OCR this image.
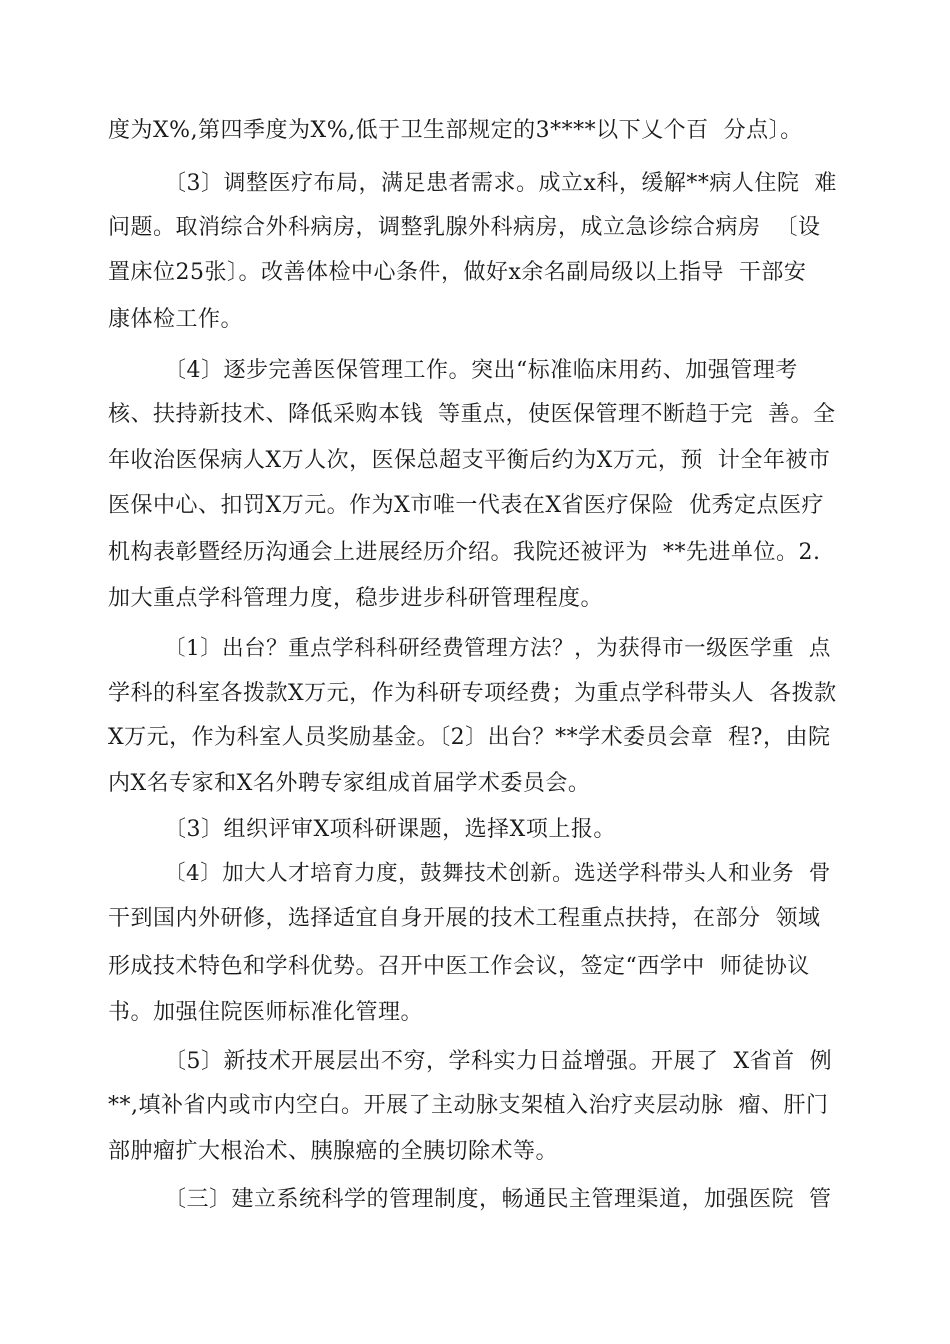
度为X%,第四季度为X%,低于卫生部规定的3****以下乂个百  分点〕。
〔3〕调整医疗布局，满足患者需求。成立x科，缓解**病人住院  难
问题。取消综合外科病房，调整乳腺外科病房，成立急诊综合病房  〔设
置床位25张〕。改善体检中心条件，做好x余名副局级以上指导  干部安
康体检工作。
〔4〕逐步完善医保管理工作。突出“标准临床用药、加强管理考
核、扶持新技术、降低采购本钱  等重点，使医保管理不断趋于完  善。全
年收治医保病人X万人次，医保总超支平衡后约为X万元，预  计全年被市
医保中心、扣罚X万元。作为X市唯一代表在X省医疗保险  优秀定点医疗
机构表彰暨经历沟通会上进展经历介绍。我院还被评为  **先进单位。2.
加大重点学科管理力度，稳步进步科研管理程度。
〔1〕出台？重点学科科研经费管理方法？，为获得市一级医学重  点
学科的科室各拨款X万元，作为科研专项经费；为重点学科带头人  各拨款
X万元，作为科室人员奖励基金。〔2〕出台？**学术委员会章  程?，由院
内X名专家和X名外聘专家组成首届学术委员会。
〔3〕组织评审X项科研课题，选择X项上报。
〔4〕加大人才培育力度，鼓舞技术创新。选送学科带头人和业务  骨
干到国内外研修，选择适宜自身开展的技术工程重点扶持，在部分  领域
形成技术特色和学科优势。召开中医工作会议，签定“西学中  师徒协议
书。加强住院医师标准化管理。
〔5〕新技术开展层出不穷，学科实力日益增强。开展了  X省首  例
**,填补省内或市内空白。开展了主动脉支架植入治疗夹层动脉  瘤、肝门
部肿瘤扩大根治术、胰腺癌的全胰切除术等。
〔三〕建立系统科学的管理制度，畅通民主管理渠道，加强医院  管
